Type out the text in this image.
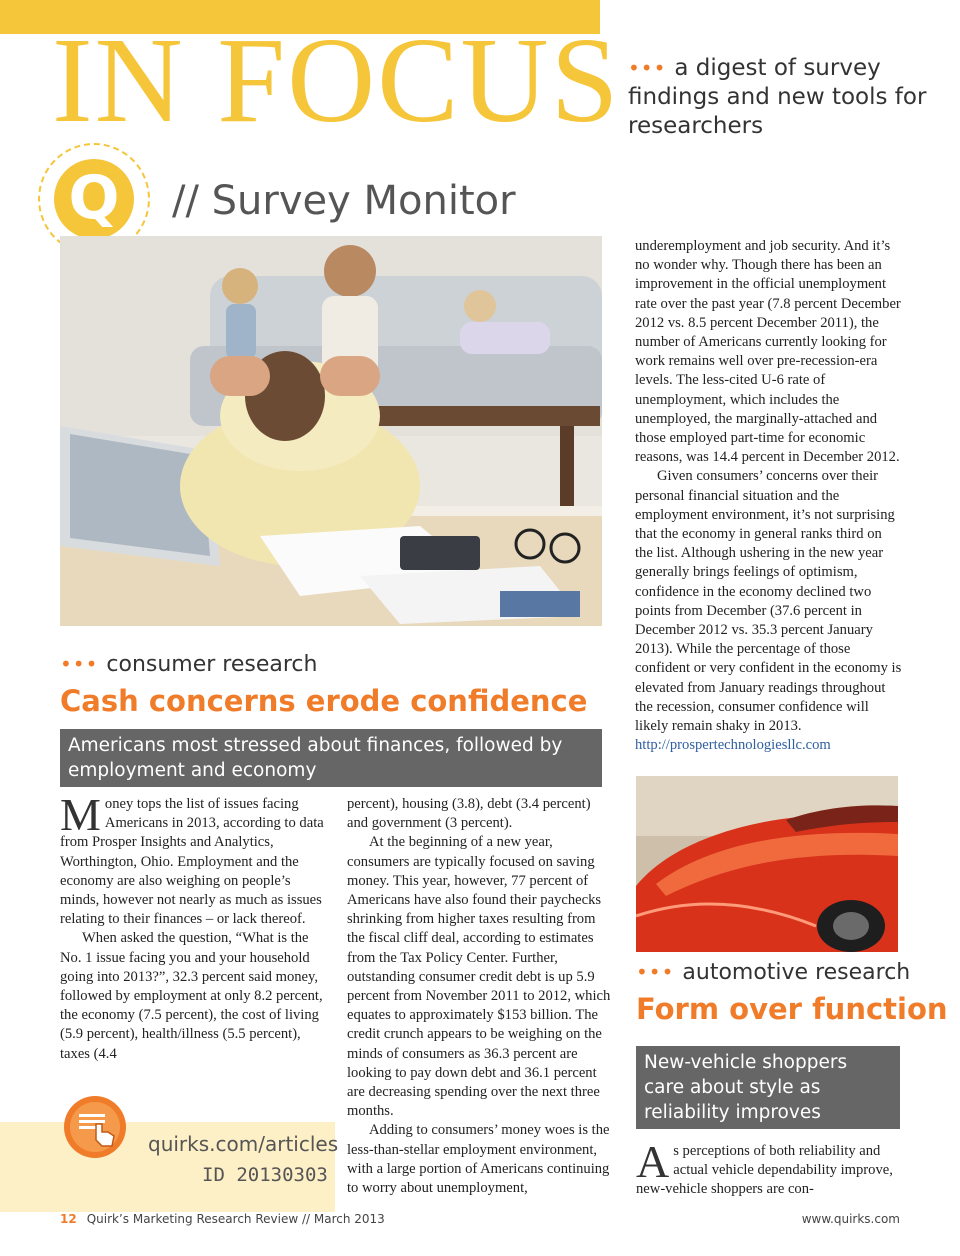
IN FOCUS ••• a digest of survey findings and new tools for researchers
Q	// Survey Monitor
••• consumer research
Cash concerns erode confidence
Americans most stressed about finances, followed by employment and economy

Money tops the list of issues facing Americans in 2013, according to data from Prosper Insights and Analytics, Worthington, Ohio. Employment and the economy are also weighing on people’s minds, however not nearly as much as issues relating to their finances – or lack thereof.

When asked the question, “What is the No. 1 issue facing you and your household going into 2013?”, 32.3 percent said money, followed by employment at only 8.2 percent, the economy (7.5 percent), the cost of living (5.9 percent), health/illness (5.5 percent), taxes (4.4

percent), housing (3.8), debt (3.4 percent) and government (3 percent).

At the beginning of a new year, consumers are typically focused on saving money. This year, however, 77 percent of Americans have also found their paychecks shrinking from higher taxes resulting from the fiscal cliff deal, according to estimates from the Tax Policy Center. Further, outstanding consumer credit debt is up 5.9 percent from November 2011 to 2012, which equates to approximately $153 billion. The credit crunch appears to be weighing on the minds of consumers as 36.3 percent are looking to pay down debt and 36.1 percent are decreasing spending over the next three months.

Adding to consumers’ money woes is the less-than-stellar employment environment, with a large portion of Americans continuing to worry about unemployment,

underemployment and job security. And it’s no wonder why. Though there has been an improvement in the official unemployment rate over the past year (7.8 percent December 2012 vs. 8.5 percent December 2011), the number of Americans currently looking for work remains well over pre-recession-era levels. The less-cited U-6 rate of unemployment, which includes the unemployed, the marginally-attached and those employed part-time for economic reasons, was 14.4 percent in December 2012.

Given consumers’ concerns over their personal financial situation and the employment environment, it’s not surprising that the economy in general ranks third on the list. Although ushering in the new year generally brings feelings of optimism, confidence in the economy declined two points from December (37.6 percent in December 2012 vs. 35.3 percent January 2013). While the percentage of those confident or very confident in the economy is elevated from January readings throughout the recession, consumer confidence will likely remain shaky in 2013.

http://prospertechnologiesllc.com

••• automotive research
Form over function
New-vehicle shoppers care about style as reliability improves

As perceptions of both reliability and actual vehicle dependability improve, new-vehicle shoppers are con-

quirks.com/articles
ID 20130303
12 Quirk’s Marketing Research Review // March 2013	www.quirks.com
